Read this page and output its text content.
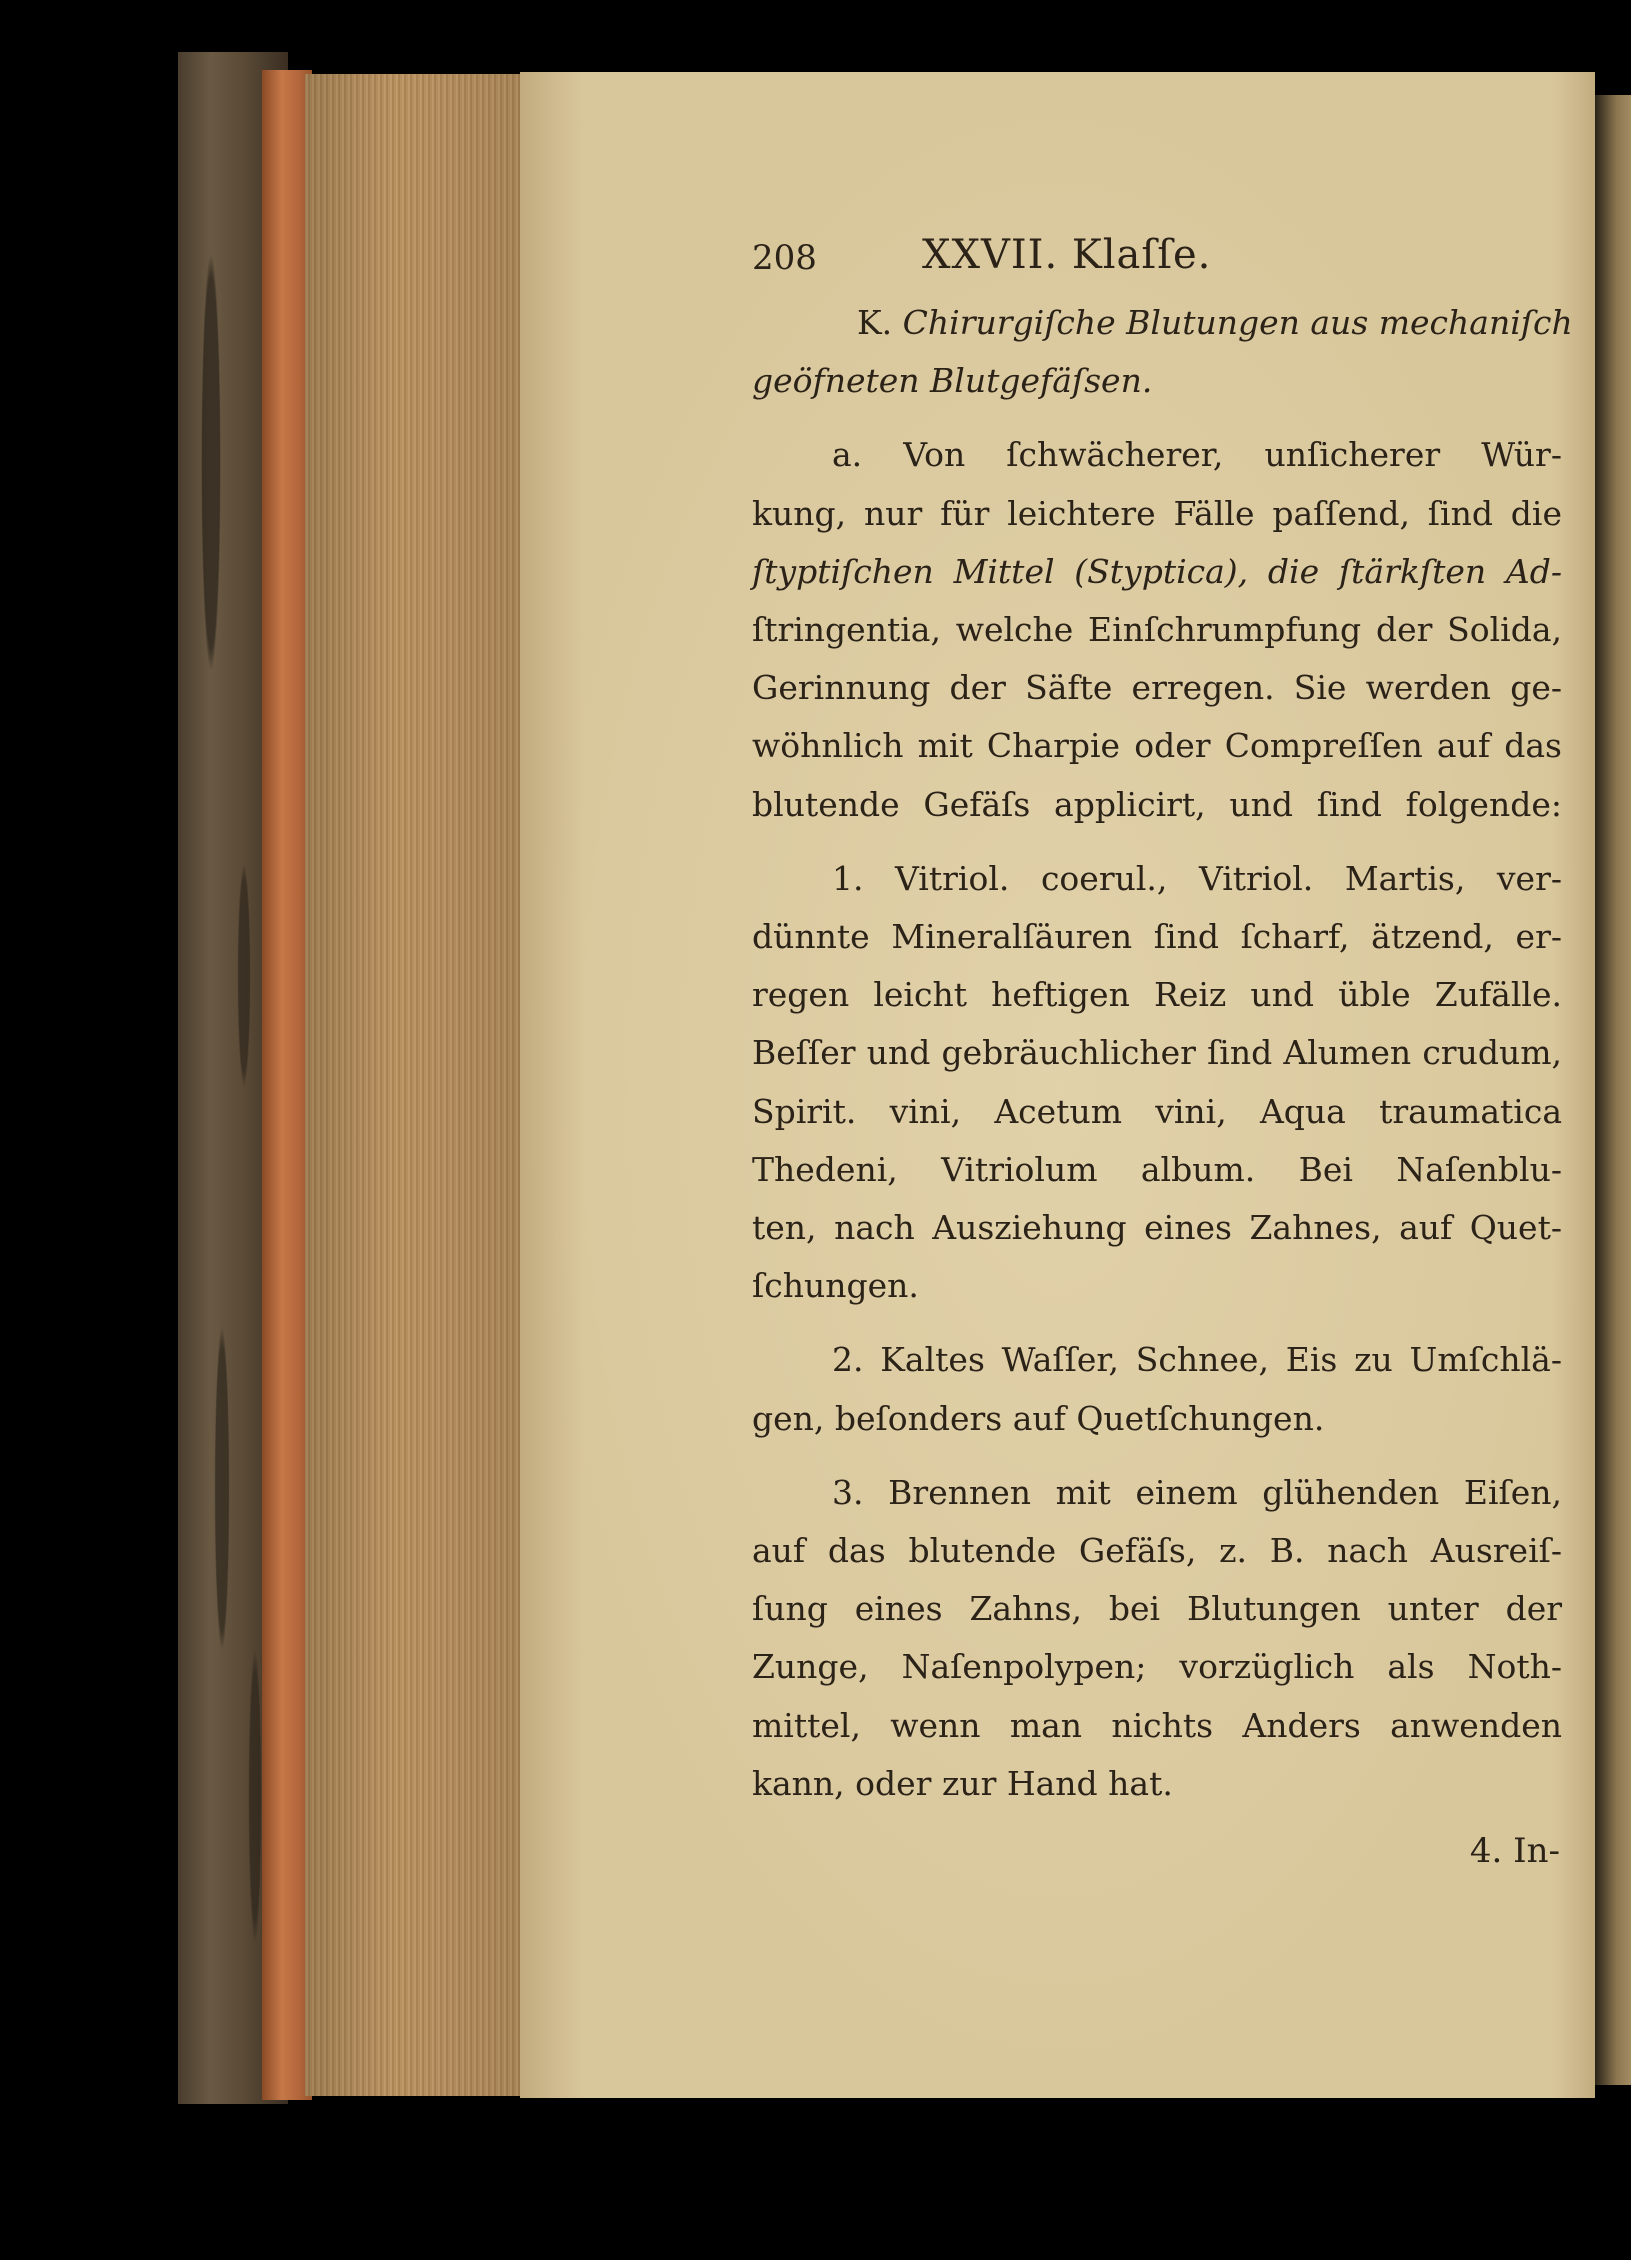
208	XXVII. Klaſſe.
K. Chirurgiſche Blutungen aus mechaniſch
geöfneten Blutgefäſsen.
a. Von ſchwächerer, unſicherer Wür-
kung, nur für leichtere Fälle paſſend, ſind die
ſtyptiſchen Mittel (Styptica), die ſtärkſten Ad-
ſtringentia, welche Einſchrumpfung der Solida,
Gerinnung der Säfte erregen. Sie werden ge-
wöhnlich mit Charpie oder Compreſſen auf das
blutende Gefäſs applicirt, und ſind folgende:
1. Vitriol. coerul., Vitriol. Martis, ver-
dünnte Mineralſäuren ſind ſcharf, ätzend, er-
regen leicht heftigen Reiz und üble Zufälle.
Beſſer und gebräuchlicher ſind Alumen crudum,
Spirit. vini, Acetum vini, Aqua traumatica
Thedeni, Vitriolum album. Bei Naſenblu-
ten, nach Ausziehung eines Zahnes, auf Quet-
ſchungen.
2. Kaltes Waſſer, Schnee, Eis zu Umſchlä-
gen, beſonders auf Quetſchungen.
3. Brennen mit einem glühenden Eiſen,
auf das blutende Gefäſs, z. B. nach Ausreiſ-
ſung eines Zahns, bei Blutungen unter der
Zunge, Naſenpolypen; vorzüglich als Noth-
mittel, wenn man nichts Anders anwenden
kann, oder zur Hand hat.
4. In-
